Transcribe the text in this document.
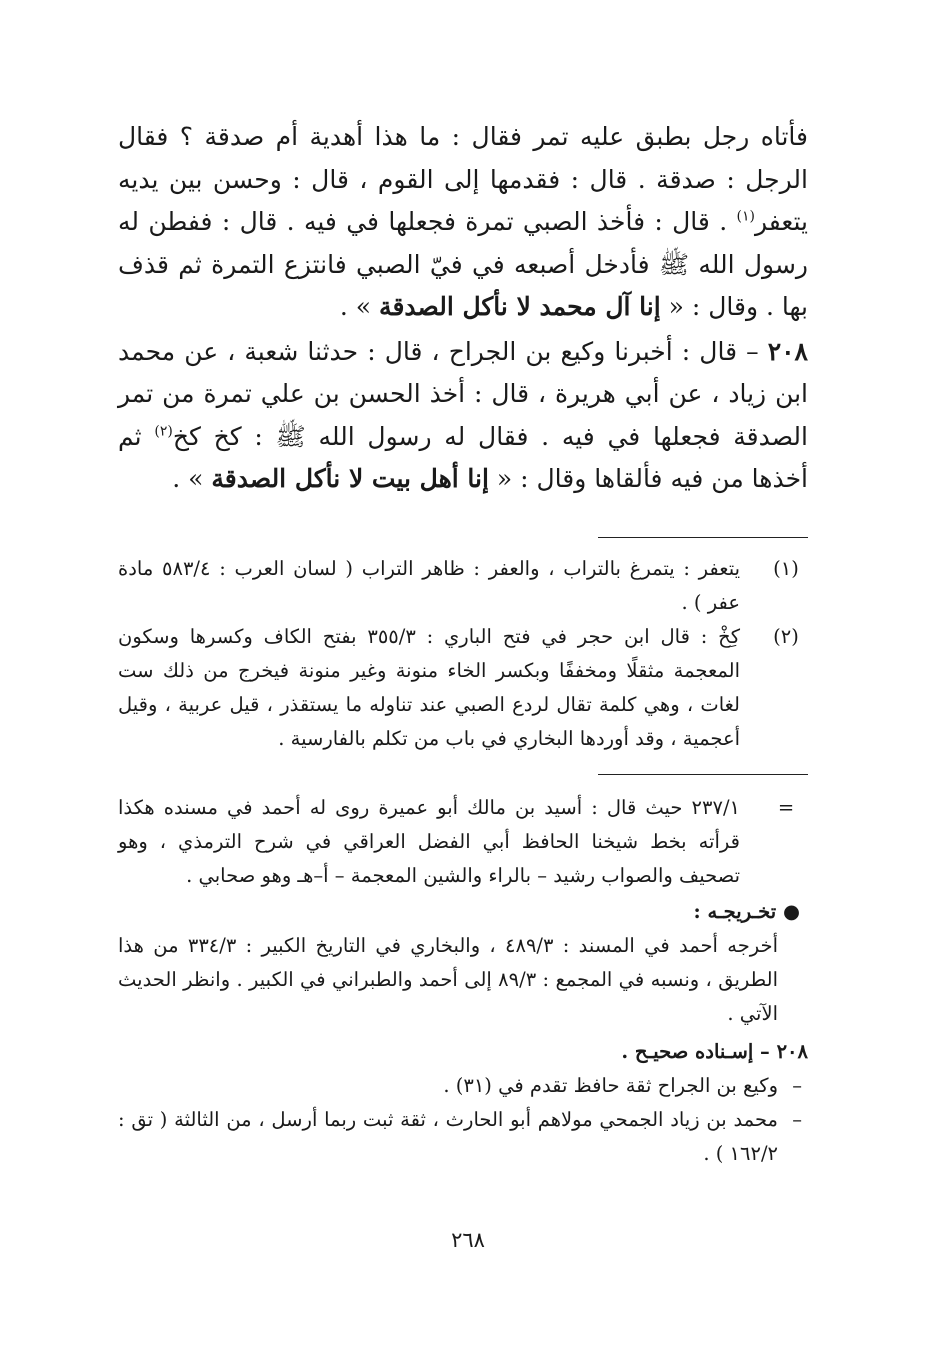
فأتاه رجل بطبق عليه تمر فقال : ما هذا أهدية أم صدقة ؟ فقال الرجل : صدقة . قال : فقدمها إلى القوم ، قال : وحسن بين يديه يتعفر$^{(١)}$ . قال : فأخذ الصبي تمرة فجعلها في فيه . قال : ففطن له رسول الله ﷺ فأدخل أصبعه في فيّ الصبي فانتزع التمرة ثم قذف بها . وقال : « إنا آل محمد لا نأكل الصدقة » .

٢٠٨ – قال : أخبرنا وكيع بن الجراح ، قال : حدثنا شعبة ، عن محمد ابن زياد ، عن أبي هريرة ، قال : أخذ الحسن بن علي تمرة من تمر الصدقة فجعلها في فيه . فقال له رسول الله ﷺ : كخ كخ$^{(٢)}$ ثم أخذها من فيه فألقاها وقال : « إنا أهل بيت لا نأكل الصدقة » .

(١)
يتعفر : يتمرغ بالتراب ، والعفر : ظاهر التراب ( لسان العرب : ٥٨٣/٤ مادة عفر ) .

(٢)
كِخْ : قال ابن حجر في فتح الباري : ٣٥٥/٣ بفتح الكاف وكسرها وسكون المعجمة مثقلًا ومخففًا وبكسر الخاء منونة وغير منونة فيخرج من ذلك ست لغات ، وهي كلمة تقال لردع الصبي عند تناوله ما يستقذر ، قيل عربية ، وقيل أعجمية ، وقد أوردها البخاري في باب من تكلم بالفارسية .

=
٢٣٧/١ حيث قال : أسيد بن مالك أبو عميرة روى له أحمد في مسنده هكذا قرأته بخط شيخنا الحافظ أبي الفضل العراقي في شرح الترمذي ، وهو تصحيف والصواب رشيد – بالراء والشين المعجمة – أ–هـ وهو صحابي .

● تخـريجـه :

أخرجه أحمد في المسند : ٤٨٩/٣ ، والبخاري في التاريخ الكبير : ٣٣٤/٣ من هذا الطريق ، ونسبه في المجمع : ٨٩/٣ إلى أحمد والطبراني في الكبير . وانظر الحديث الآتي .

٢٠٨ – إسـناده صحيـح .

–
وكيع بن الجراح ثقة حافظ تقدم في (٣١) .

–
محمد بن زياد الجمحي مولاهم أبو الحارث ، ثقة ثبت ربما أرسل ، من الثالثة ( تق : ١٦٢/٢ ) .

٢٦٨
